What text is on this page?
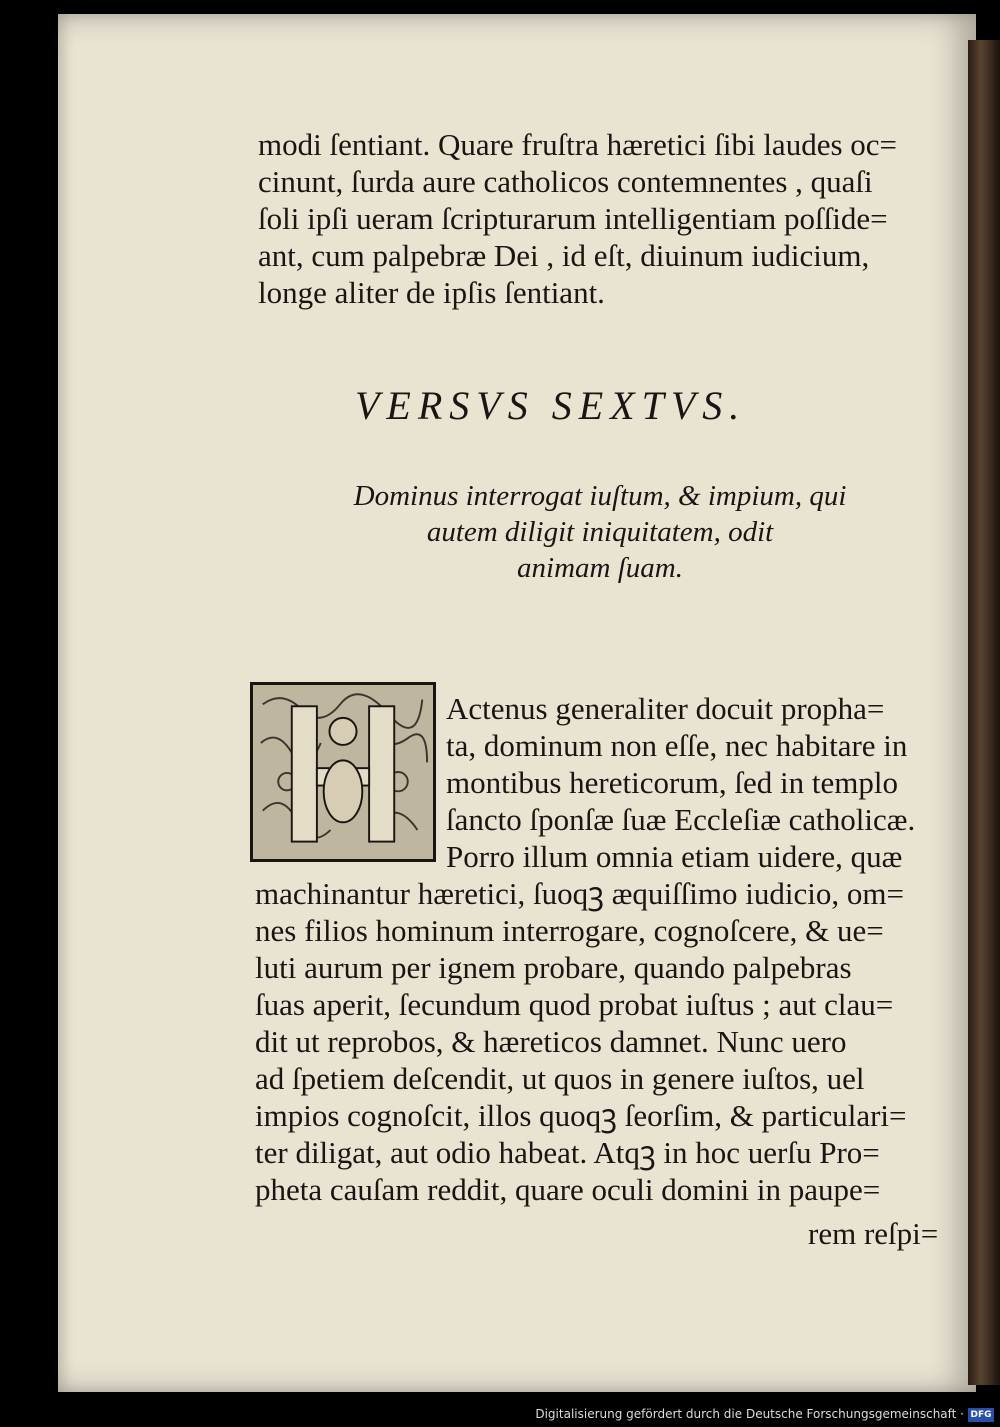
modi ſentiant. Quare fruſtra hæretici ſibi laudes oc=
cinunt, ſurda aure catholicos contemnentes , quaſi
ſoli ipſi ueram ſcripturarum intelligentiam poſſide=
ant, cum palpebræ Dei , id eſt, diuinum iudicium,
longe aliter de ipſis ſentiant.
VERSVS SEXTVS.
Dominus interrogat iuſtum, & impium, qui
autem diligit iniquitatem, odit
animam ſuam.
Actenus generaliter docuit propha=
ta, dominum non eſſe, nec habitare in
montibus hereticorum, ſed in templo
ſancto ſponſæ ſuæ Eccleſiæ catholicæ.
Porro illum omnia etiam uidere, quæ
machinantur hæretici, ſuoqꝫ æquiſſimo iudicio, om=
nes filios hominum interrogare, cognoſcere, & ue=
luti aurum per ignem probare, quando palpebras
ſuas aperit, ſecundum quod probat iuſtus ; aut clau=
dit ut reprobos, & hæreticos damnet. Nunc uero
ad ſpetiem deſcendit, ut quos in genere iuſtos, uel
impios cognoſcit, illos quoqꝫ ſeorſim, & particulari=
ter diligat, aut odio habeat. Atqꝫ in hoc uerſu Pro=
pheta cauſam reddit, quare oculi domini in paupe=
rem reſpi=
Digitalisierung gefördert durch die Deutsche Forschungsgemeinschaft · DFG
